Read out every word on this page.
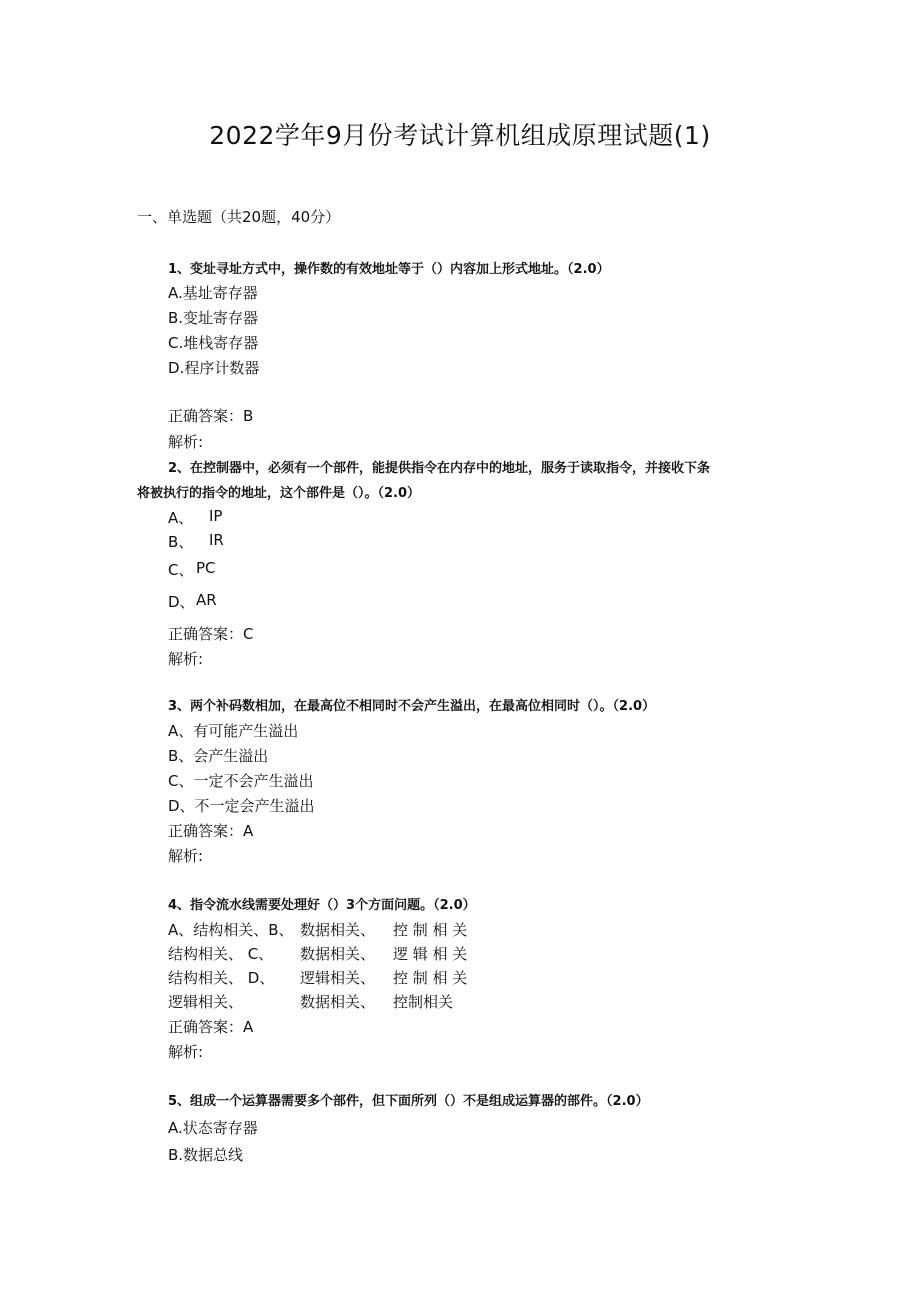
2022学年9月份考试计算机组成原理试题(1)
一、单选题（共20题，40分）
1、变址寻址方式中，操作数的有效地址等于（）内容加上形式地址。（2.0）
A.基址寄存器
B.变址寄存器
C.堆栈寄存器
D.程序计数器
正确答案：B
解析:
2、在控制器中，必须有一个部件，能提供指令在内存中的地址，服务于读取指令，并接收下条
将被执行的指令的地址，这个部件是（）。（2.0）
A、 IP
B、 IR
C、 PC
D、 AR
正确答案：C
解析:
3、两个补码数相加，在最高位不相同时不会产生溢出，在最高位相同时（）。（2.0）
A、有可能产生溢出
B、会产生溢出
C、一定不会产生溢出
D、不一定会产生溢出
正确答案：A
解析:
4、指令流水线需要处理好（）3个方面问题。（2.0）
A、结构相关、B、 数据相关、 控 制 相 关
结构相关、 C、 数据相关、 逻 辑 相 关
结构相关、 D、 逻辑相关、 控 制 相 关
逻辑相关、	数据相关、 控制相关
正确答案：A
解析:
5、组成一个运算器需要多个部件，但下面所列（）不是组成运算器的部件。（2.0）
A.状态寄存器
B.数据总线
